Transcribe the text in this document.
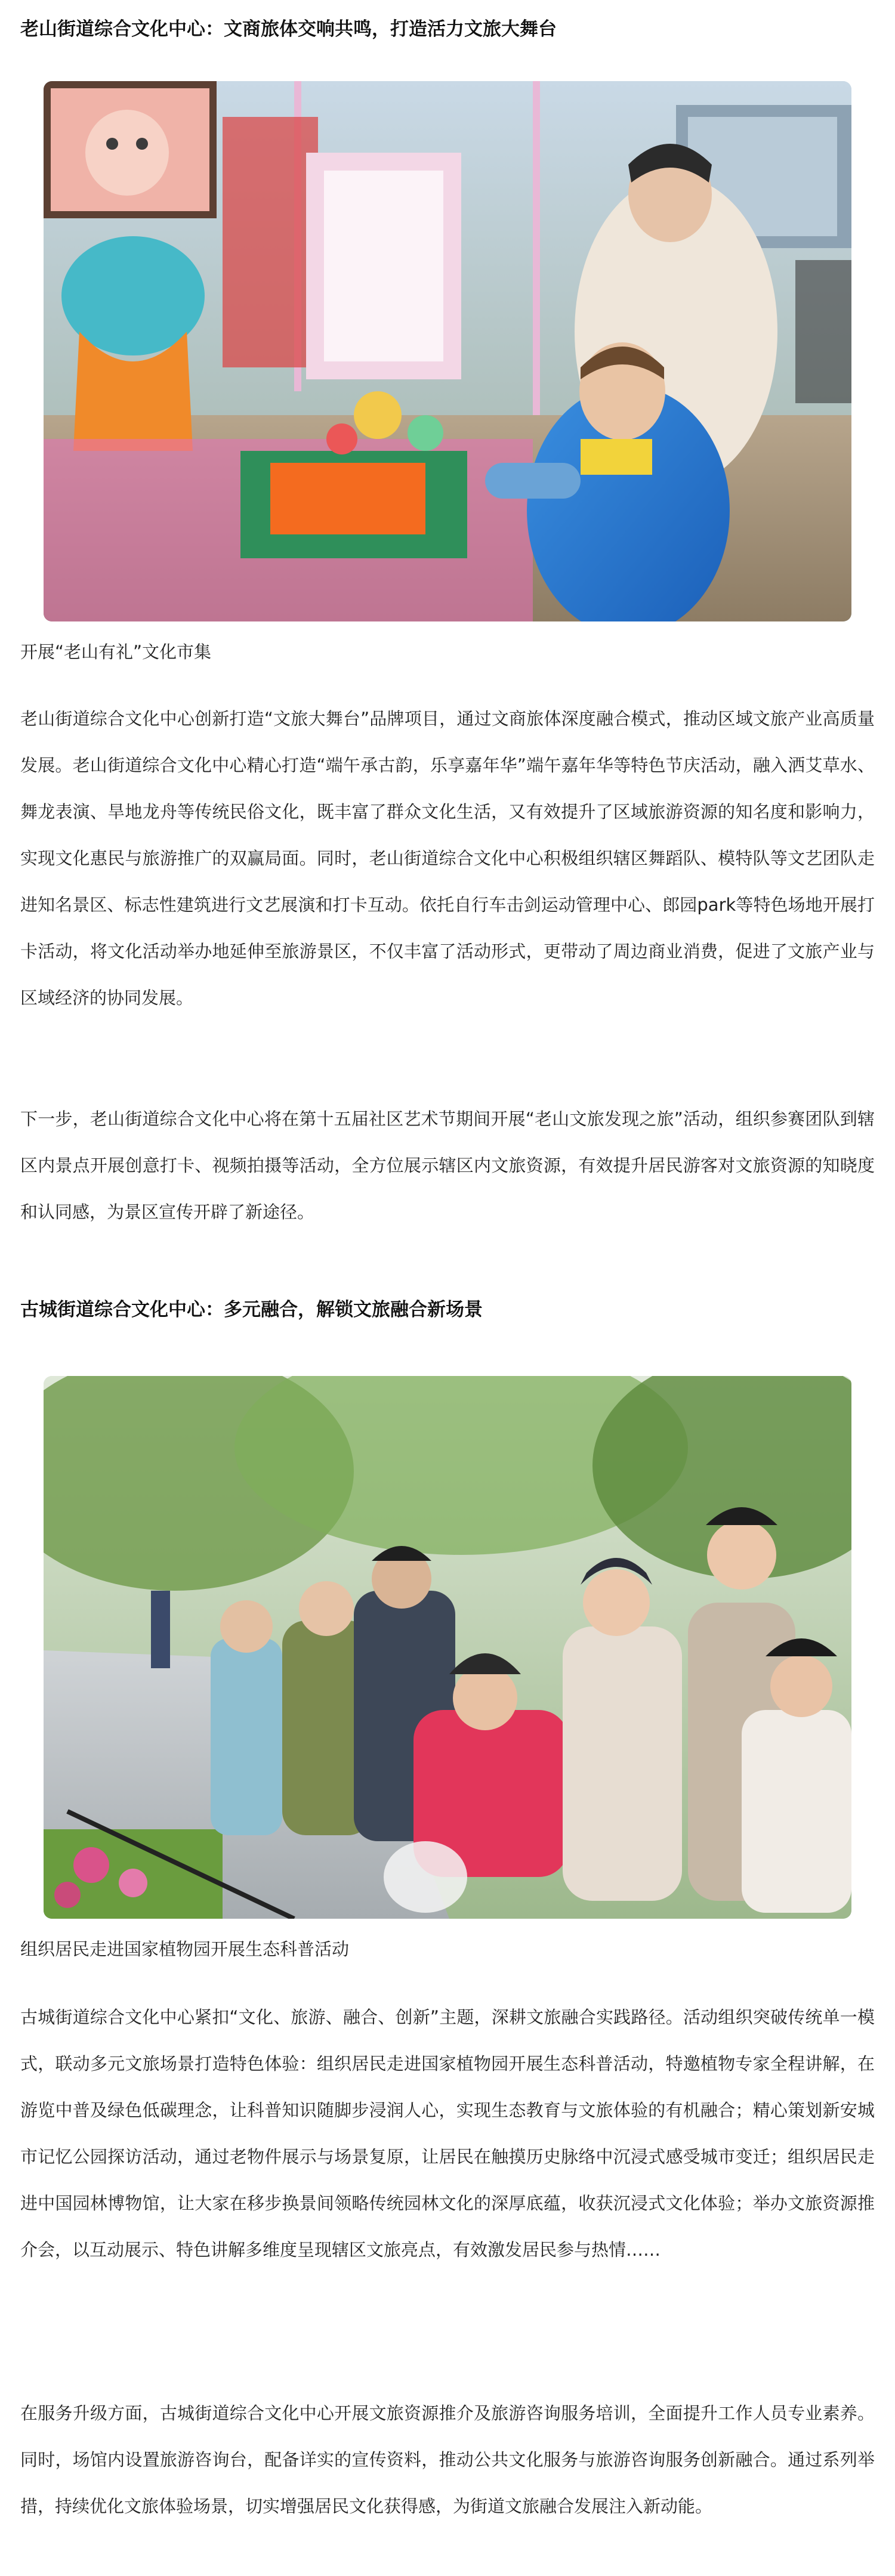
老山街道综合文化中心：文商旅体交响共鸣，打造活力文旅大舞台
开展“老山有礼”文化市集

老山街道综合文化中心创新打造“文旅大舞台”品牌项目，通过文商旅体深度融合模式，推动区域文旅产业高质量发展。老山街道综合文化中心精心打造“端午承古韵，乐享嘉年华”端午嘉年华等特色节庆活动，融入洒艾草水、舞龙表演、旱地龙舟等传统民俗文化，既丰富了群众文化生活，又有效提升了区域旅游资源的知名度和影响力，实现文化惠民与旅游推广的双赢局面。同时，老山街道综合文化中心积极组织辖区舞蹈队、模特队等文艺团队走进知名景区、标志性建筑进行文艺展演和打卡互动。依托自行车击剑运动管理中心、郎园park等特色场地开展打卡活动，将文化活动举办地延伸至旅游景区，不仅丰富了活动形式，更带动了周边商业消费，促进了文旅产业与区域经济的协同发展。

下一步，老山街道综合文化中心将在第十五届社区艺术节期间开展“老山文旅发现之旅”活动，组织参赛团队到辖区内景点开展创意打卡、视频拍摄等活动，全方位展示辖区内文旅资源，有效提升居民游客对文旅资源的知晓度和认同感，为景区宣传开辟了新途径。

古城街道综合文化中心：多元融合，解锁文旅融合新场景
组织居民走进国家植物园开展生态科普活动

古城街道综合文化中心紧扣“文化、旅游、融合、创新”主题，深耕文旅融合实践路径。活动组织突破传统单一模式，联动多元文旅场景打造特色体验：组织居民走进国家植物园开展生态科普活动，特邀植物专家全程讲解，在游览中普及绿色低碳理念，让科普知识随脚步浸润人心，实现生态教育与文旅体验的有机融合；精心策划新安城市记忆公园探访活动，通过老物件展示与场景复原，让居民在触摸历史脉络中沉浸式感受城市变迁；组织居民走进中国园林博物馆，让大家在移步换景间领略传统园林文化的深厚底蕴，收获沉浸式文化体验；举办文旅资源推介会，以互动展示、特色讲解多维度呈现辖区文旅亮点，有效激发居民参与热情……

在服务升级方面，古城街道综合文化中心开展文旅资源推介及旅游咨询服务培训，全面提升工作人员专业素养。同时，场馆内设置旅游咨询台，配备详实的宣传资料，推动公共文化服务与旅游咨询服务创新融合。通过系列举措，持续优化文旅体验场景，切实增强居民文化获得感，为街道文旅融合发展注入新动能。
